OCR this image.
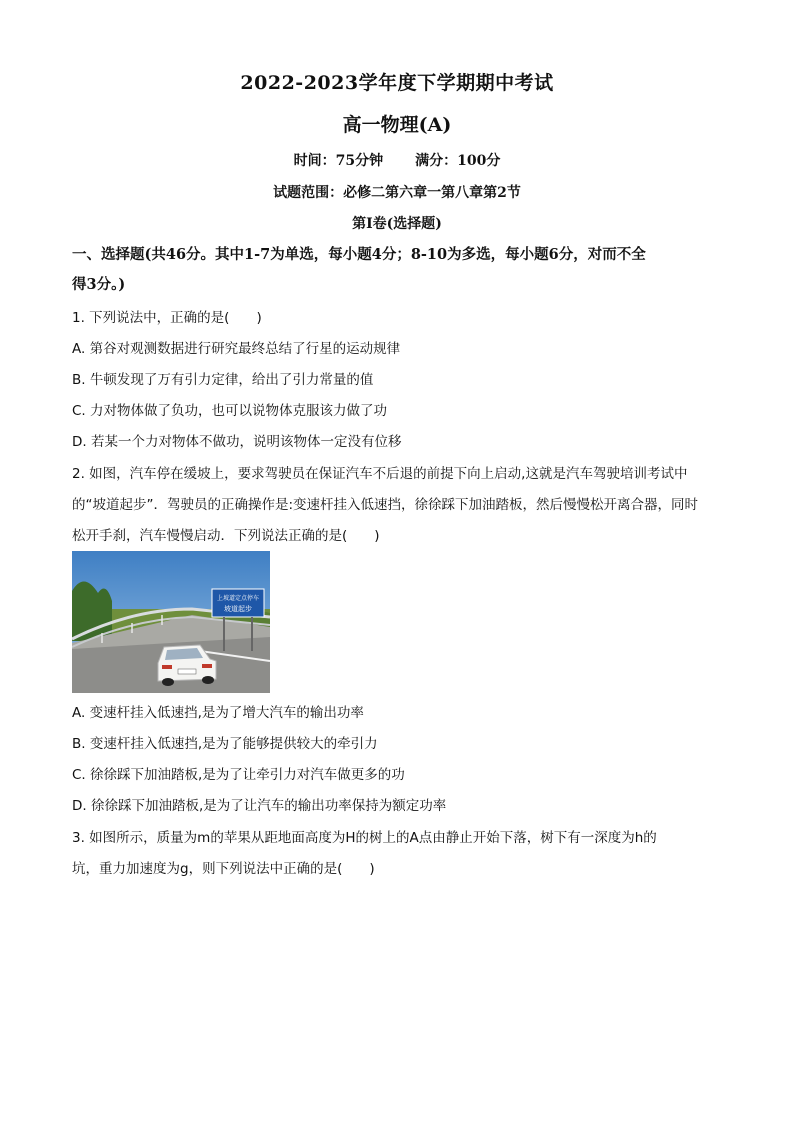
2022-2023学年度下学期期中考试
高一物理(A)
时间：75分钟 满分：100分
试题范围：必修二第六章一第八章第2节
第Ⅰ卷(选择题)
一、选择题(共46分。其中1-7为单选，每小题4分；8-10为多选，每小题6分，对而不全
得3分。)
1. 下列说法中，正确的是(　　)
A. 第谷对观测数据进行研究最终总结了行星的运动规律
B. 牛顿发现了万有引力定律，给出了引力常量的值
C. 力对物体做了负功，也可以说物体克服该力做了功
D. 若某一个力对物体不做功，说明该物体一定没有位移
2. 如图，汽车停在缓坡上，要求驾驶员在保证汽车不后退的前提下向上启动,这就是汽车驾驶培训考试中
的“坡道起步”．驾驶员的正确操作是:变速杆挂入低速挡，徐徐踩下加油踏板，然后慢慢松开离合器，同时
松开手刹，汽车慢慢启动．下列说法正确的是(　　)
上坡道定点停车
坡道起步
A. 变速杆挂入低速挡,是为了增大汽车的输出功率
B. 变速杆挂入低速挡,是为了能够提供较大的牵引力
C. 徐徐踩下加油踏板,是为了让牵引力对汽车做更多的功
D. 徐徐踩下加油踏板,是为了让汽车的输出功率保持为额定功率
3. 如图所示，质量为m的苹果从距地面高度为H的树上的A点由静止开始下落，树下有一深度为h的
坑，重力加速度为g，则下列说法中正确的是(　　)
